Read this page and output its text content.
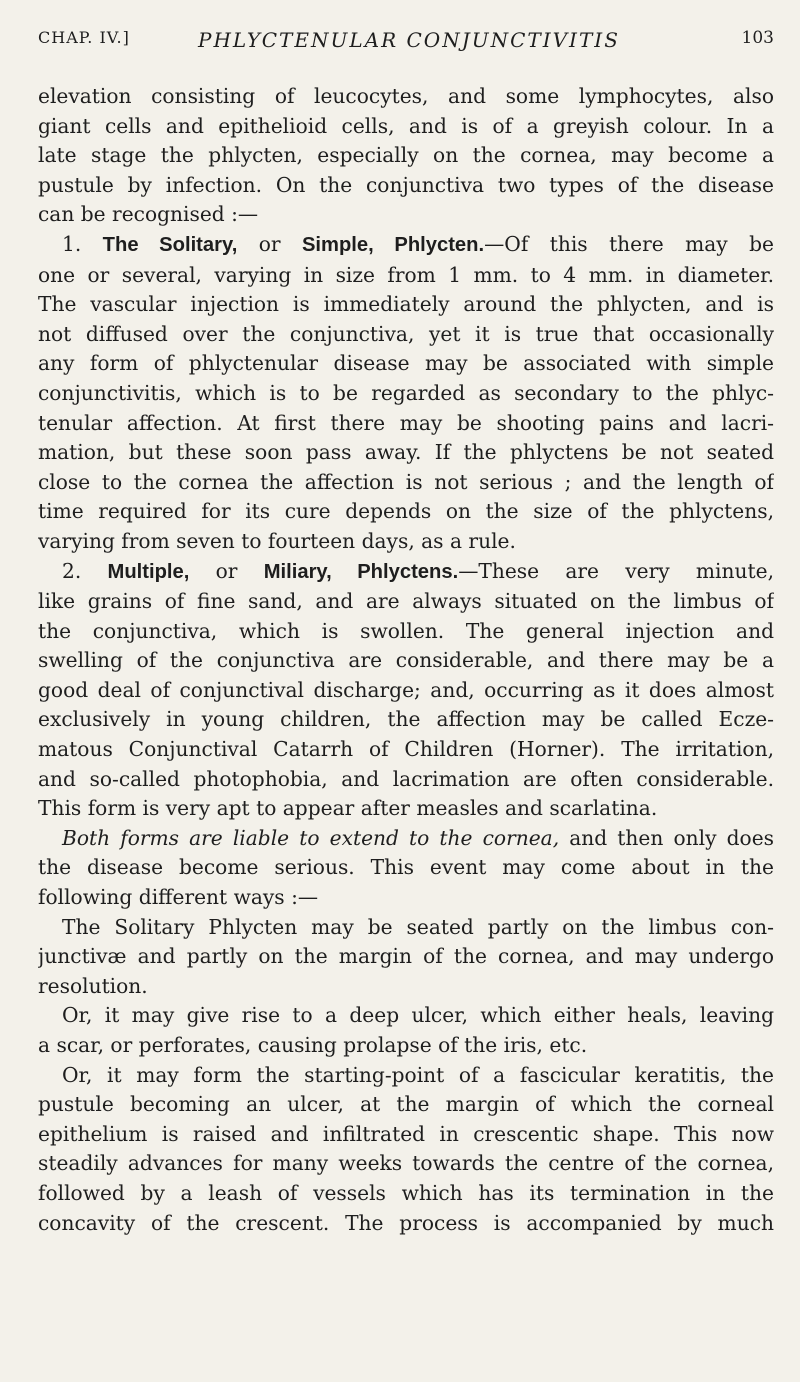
CHAP. IV.]	PHLYCTENULAR CONJUNCTIVITIS	103
elevation consisting of leucocytes, and some lymphocytes, also
giant cells and epithelioid cells, and is of a greyish colour. In a
late stage the phlycten, especially on the cornea, may become a
pustule by infection. On the conjunctiva two types of the disease
can be recognised :—
1. The Solitary, or Simple, Phlycten.—Of this there may be
one or several, varying in size from 1 mm. to 4 mm. in diameter.
The vascular injection is immediately around the phlycten, and is
not diffused over the conjunctiva, yet it is true that occasionally
any form of phlyctenular disease may be associated with simple
conjunctivitis, which is to be regarded as secondary to the phlyc-
tenular affection. At first there may be shooting pains and lacri-
mation, but these soon pass away. If the phlyctens be not seated
close to the cornea the affection is not serious ; and the length of
time required for its cure depends on the size of the phlyctens,
varying from seven to fourteen days, as a rule.
2. Multiple, or Miliary, Phlyctens.—These are very minute,
like grains of fine sand, and are always situated on the limbus of
the conjunctiva, which is swollen. The general injection and
swelling of the conjunctiva are considerable, and there may be a
good deal of conjunctival discharge; and, occurring as it does almost
exclusively in young children, the affection may be called Ecze-
matous Conjunctival Catarrh of Children (Horner). The irritation,
and so-called photophobia, and lacrimation are often considerable.
This form is very apt to appear after measles and scarlatina.
Both forms are liable to extend to the cornea, and then only does
the disease become serious. This event may come about in the
following different ways :—
The Solitary Phlycten may be seated partly on the limbus con-
junctivæ and partly on the margin of the cornea, and may undergo
resolution.
Or, it may give rise to a deep ulcer, which either heals, leaving
a scar, or perforates, causing prolapse of the iris, etc.
Or, it may form the starting-point of a fascicular keratitis, the
pustule becoming an ulcer, at the margin of which the corneal
epithelium is raised and infiltrated in crescentic shape. This now
steadily advances for many weeks towards the centre of the cornea,
followed by a leash of vessels which has its termination in the
concavity of the crescent. The process is accompanied by much
